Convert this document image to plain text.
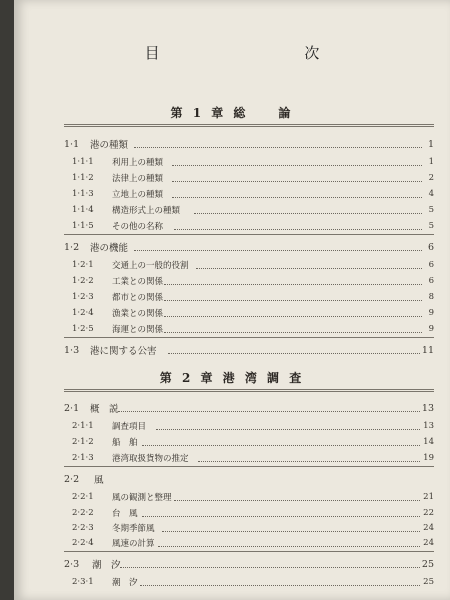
目 次
第 1 章 総　　論
1·1 港の種類	1
1·1·1 利用上の種類	1
1·1·2 法律上の種類	2
1·1·3 立地上の種類	4
1·1·4 構造形式上の種類	5
1·1·5 その他の名称	5
1·2 港の機能	6
1·2·1 交通上の一般的役割	6
1·2·2 工業との関係	6
1·2·3 都市との関係	8
1·2·4 漁業との関係	9
1·2·5 海運との関係	9
1·3 港に関する公害	11
第 2 章 港 湾 調 査
2·1 概　説	13
2·1·1 調査項目	13
2·1·2 船　舶	14
2·1·3 港湾取扱貨物の推定	19
2·2 風
2·2·1 風の観測と整理	21
2·2·2 台　風	22
2·2·3 冬期季節風	24
2·2·4 風速の計算	24
2·3 潮　汐	25
2·3·1 潮　汐	25
